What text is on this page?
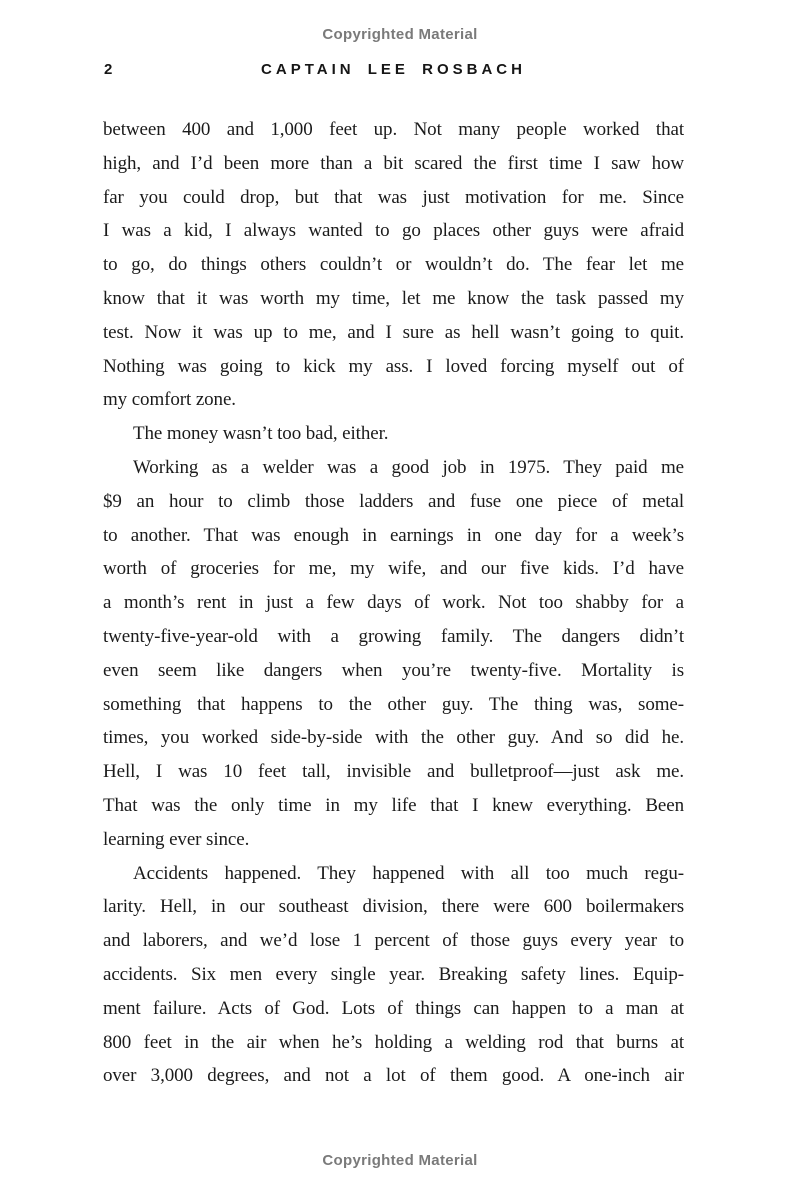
Copyrighted Material
2	CAPTAIN LEE ROSBACH
between 400 and 1,000 feet up. Not many people worked that
high, and I’d been more than a bit scared the first time I saw how
far you could drop, but that was just motivation for me. Since
I was a kid, I always wanted to go places other guys were afraid
to go, do things others couldn’t or wouldn’t do. The fear let me
know that it was worth my time, let me know the task passed my
test. Now it was up to me, and I sure as hell wasn’t going to quit.
Nothing was going to kick my ass. I loved forcing myself out of
my comfort zone.
The money wasn’t too bad, either.
Working as a welder was a good job in 1975. They paid me
$9 an hour to climb those ladders and fuse one piece of metal
to another. That was enough in earnings in one day for a week’s
worth of groceries for me, my wife, and our five kids. I’d have
a month’s rent in just a few days of work. Not too shabby for a
twenty-five-year-old with a growing family. The dangers didn’t
even seem like dangers when you’re twenty-five. Mortality is
something that happens to the other guy. The thing was, some-
times, you worked side-by-side with the other guy. And so did he.
Hell, I was 10 feet tall, invisible and bulletproof—just ask me.
That was the only time in my life that I knew everything. Been
learning ever since.
Accidents happened. They happened with all too much regu-
larity. Hell, in our southeast division, there were 600 boilermakers
and laborers, and we’d lose 1 percent of those guys every year to
accidents. Six men every single year. Breaking safety lines. Equip-
ment failure. Acts of God. Lots of things can happen to a man at
800 feet in the air when he’s holding a welding rod that burns at
over 3,000 degrees, and not a lot of them good. A one-inch air
Copyrighted Material
